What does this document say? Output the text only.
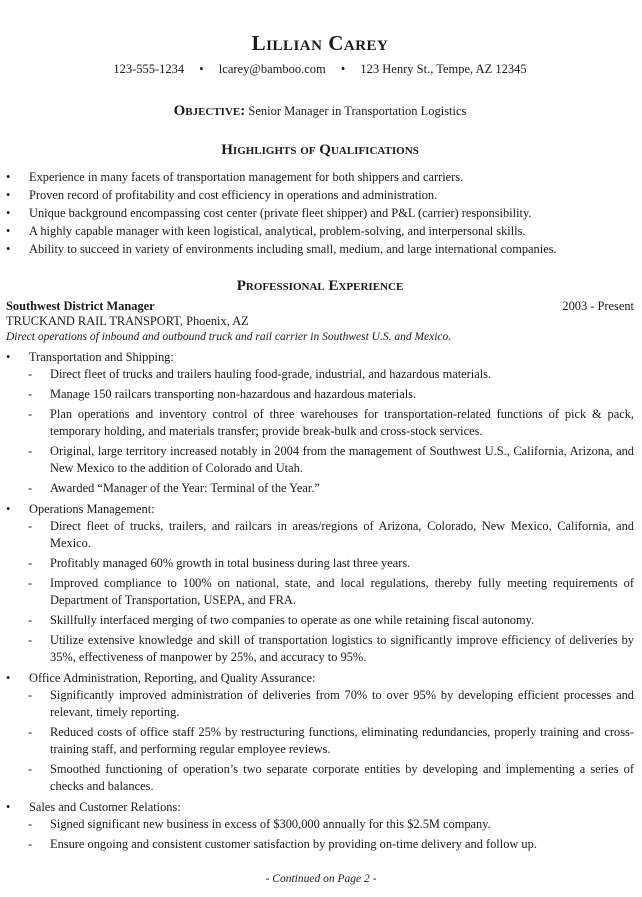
Lillian Carey
123-555-1234 • lcarey@bamboo.com • 123 Henry St., Tempe, AZ 12345
Objective: Senior Manager in Transportation Logistics
Highlights of Qualifications
• Experience in many facets of transportation management for both shippers and carriers.
• Proven record of profitability and cost efficiency in operations and administration.
• Unique background encompassing cost center (private fleet shipper) and P&L (carrier) responsibility.
• A highly capable manager with keen logistical, analytical, problem-solving, and interpersonal skills.
• Ability to succeed in variety of environments including small, medium, and large international companies.
Professional Experience
Southwest District Manager	2003 - Present
TRUCKAND RAIL TRANSPORT, Phoenix, AZ
Direct operations of inbound and outbound truck and rail carrier in Southwest U.S. and Mexico.
• Transportation and Shipping:
- Direct fleet of trucks and trailers hauling food-grade, industrial, and hazardous materials.
- Manage 150 railcars transporting non-hazardous and hazardous materials.
- Plan operations and inventory control of three warehouses for transportation-related functions of pick & pack, temporary holding, and materials transfer; provide break-bulk and cross-stock services.
- Original, large territory increased notably in 2004 from the management of Southwest U.S., California, Arizona, and New Mexico to the addition of Colorado and Utah.
- Awarded “Manager of the Year: Terminal of the Year.”
• Operations Management:
- Direct fleet of trucks, trailers, and railcars in areas/regions of Arizona, Colorado, New Mexico, California, and Mexico.
- Profitably managed 60% growth in total business during last three years.
- Improved compliance to 100% on national, state, and local regulations, thereby fully meeting requirements of Department of Transportation, USEPA, and FRA.
- Skillfully interfaced merging of two companies to operate as one while retaining fiscal autonomy.
- Utilize extensive knowledge and skill of transportation logistics to significantly improve efficiency of deliveries by 35%, effectiveness of manpower by 25%, and accuracy to 95%.
• Office Administration, Reporting, and Quality Assurance:
- Significantly improved administration of deliveries from 70% to over 95% by developing efficient processes and relevant, timely reporting.
- Reduced costs of office staff 25% by restructuring functions, eliminating redundancies, properly training and cross-training staff, and performing regular employee reviews.
- Smoothed functioning of operation’s two separate corporate entities by developing and implementing a series of checks and balances.
• Sales and Customer Relations:
- Signed significant new business in excess of $300,000 annually for this $2.5M company.
- Ensure ongoing and consistent customer satisfaction by providing on-time delivery and follow up.
- Continued on Page 2 -
